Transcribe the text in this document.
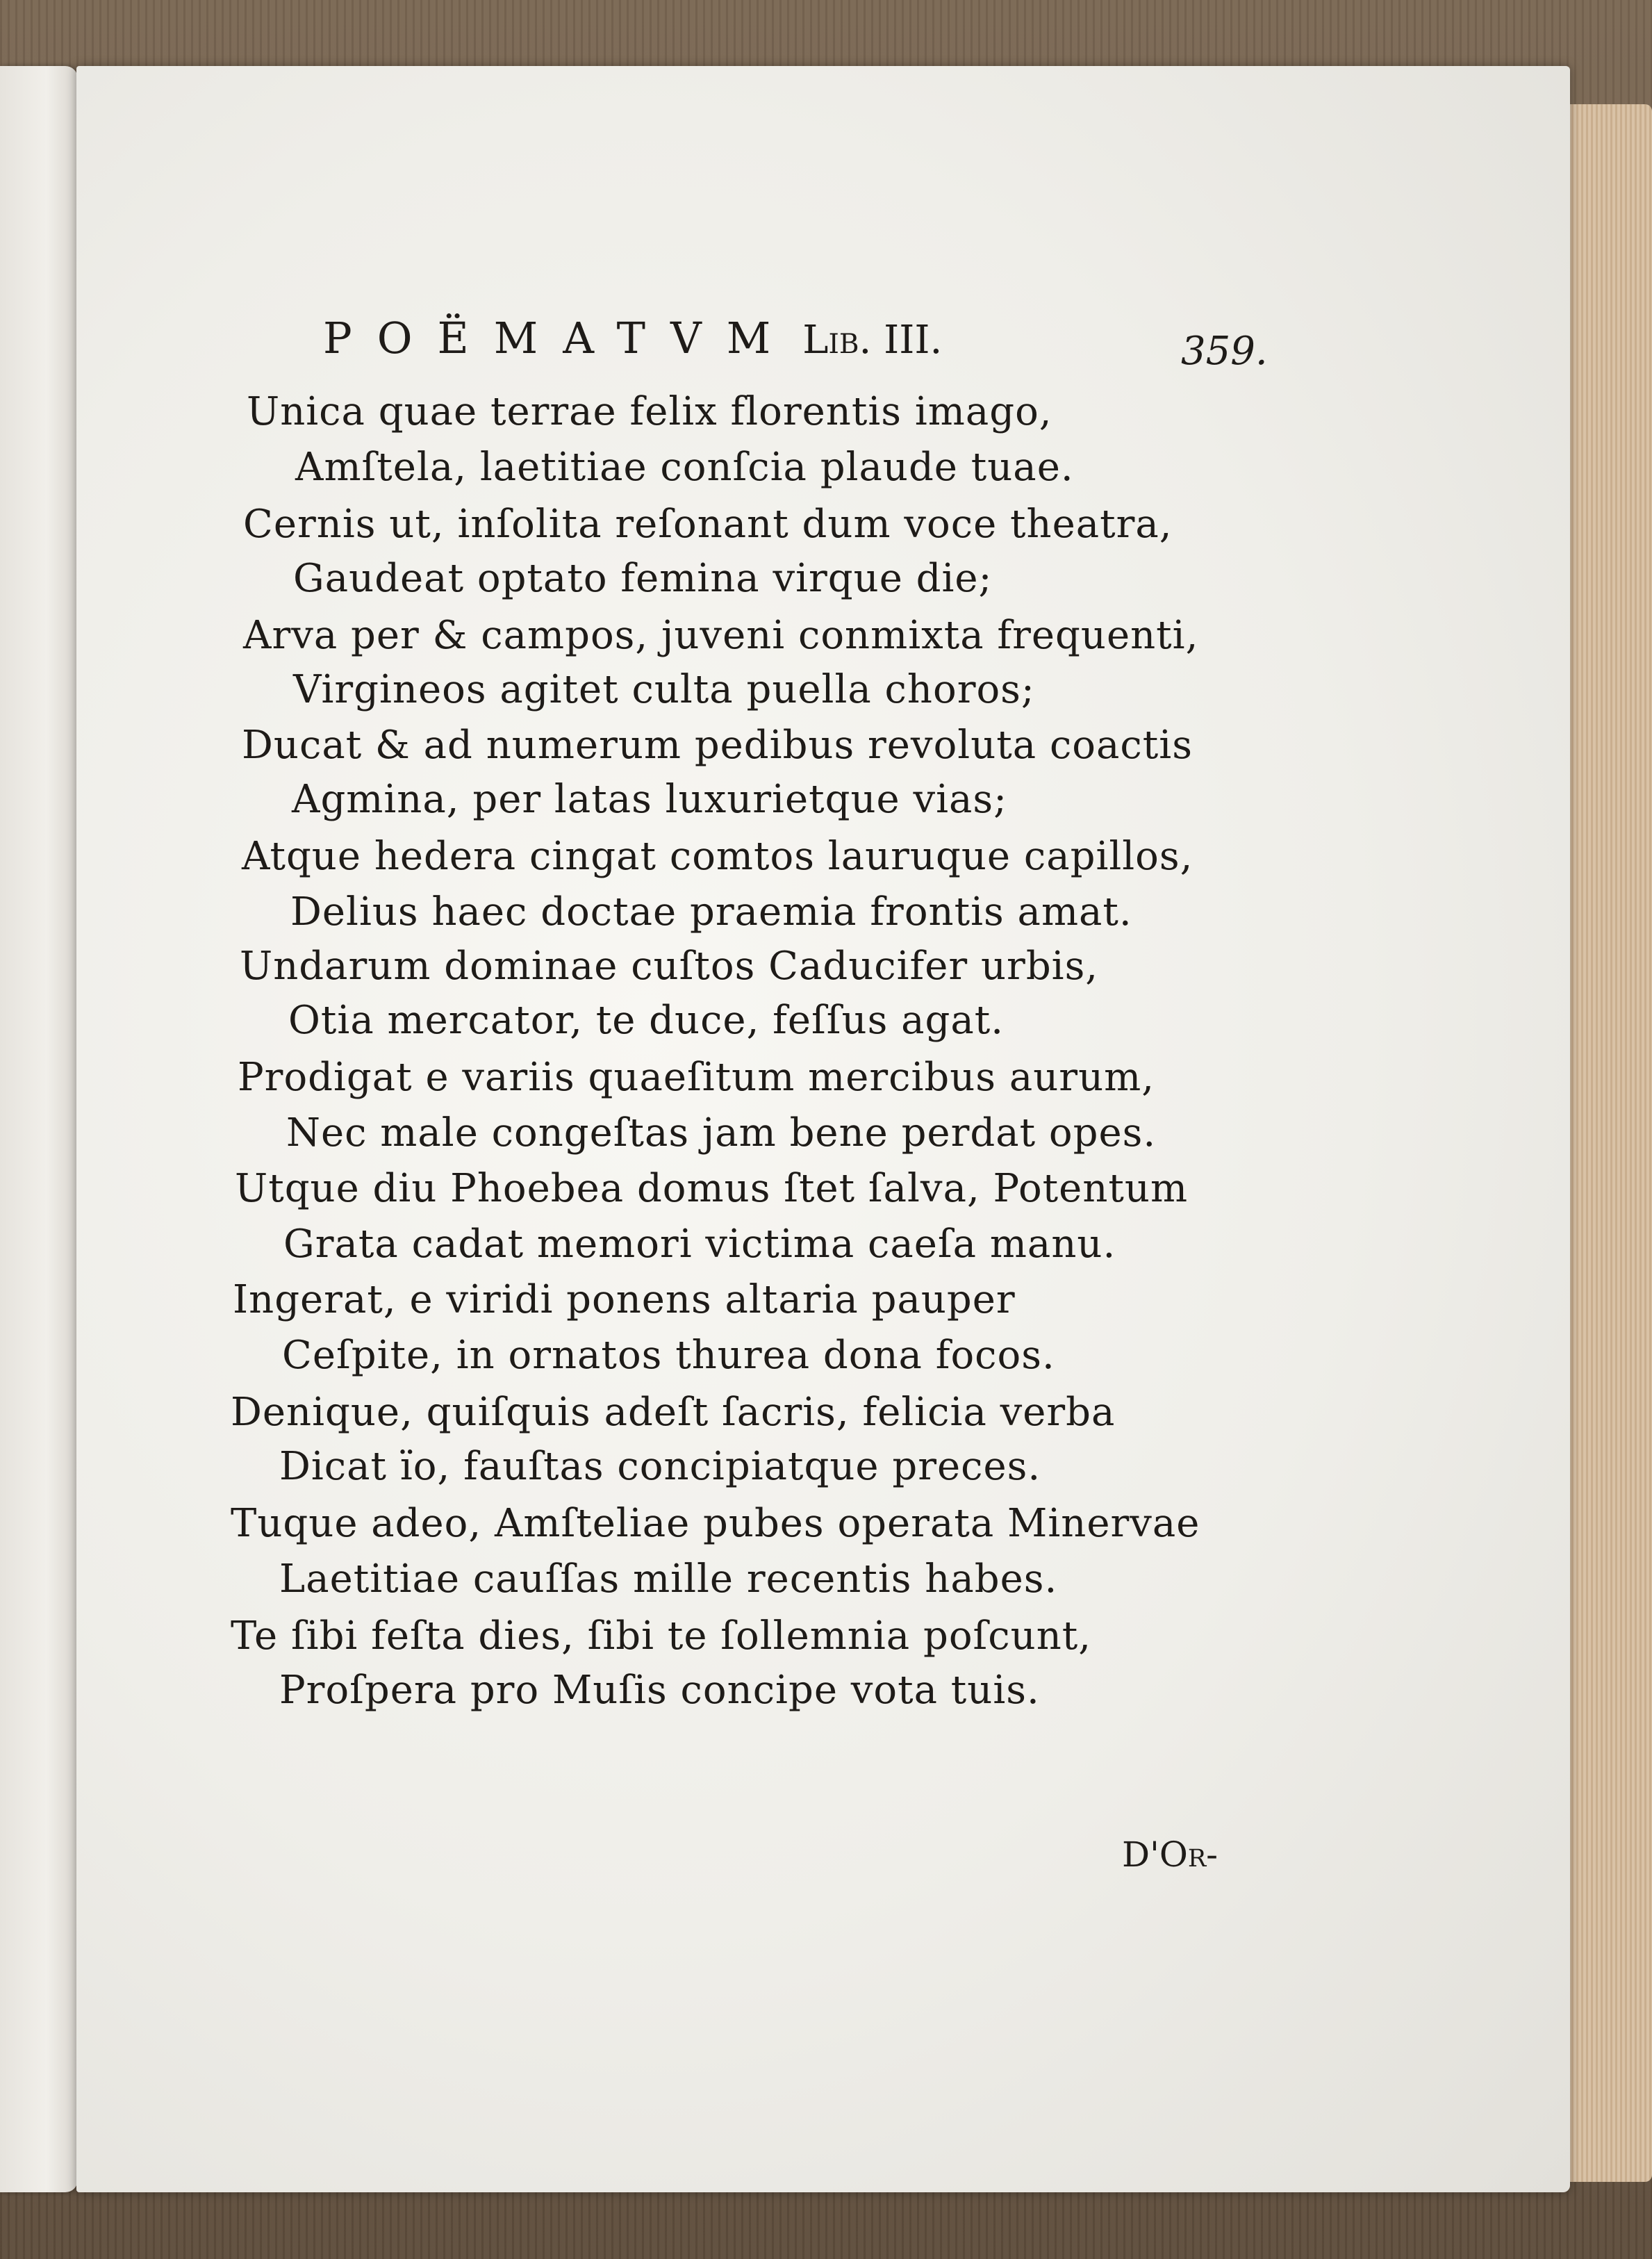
POËMATVM Lib. III.	359.
Unica quae terrae felix florentis imago,
Amſtela, laetitiae conſcia plaude tuae.
Cernis ut, inſolita reſonant dum voce theatra,
Gaudeat optato femina virque die;
Arva per & campos, juveni conmixta frequenti,
Virgineos agitet culta puella choros;
Ducat & ad numerum pedibus revoluta coactis
Agmina, per latas luxurietque vias;
Atque hedera cingat comtos lauruque capillos,
Delius haec doctae praemia frontis amat.
Undarum dominae cuſtos Caducifer urbis,
Otia mercator, te duce, feſſus agat.
Prodigat e variis quaeſitum mercibus aurum,
Nec male congeſtas jam bene perdat opes.
Utque diu Phoebea domus ſtet ſalva, Potentum
Grata cadat memori victima caeſa manu.
Ingerat, e viridi ponens altaria pauper
Ceſpite, in ornatos thurea dona focos.
Denique, quiſquis adeſt ſacris, felicia verba
Dicat ïo, fauſtas concipiatque preces.
Tuque adeo, Amſteliae pubes operata Minervae
Laetitiae cauſſas mille recentis habes.
Te ſibi feſta dies, ſibi te ſollemnia poſcunt,
Proſpera pro Muſis concipe vota tuis.
D'Or-
